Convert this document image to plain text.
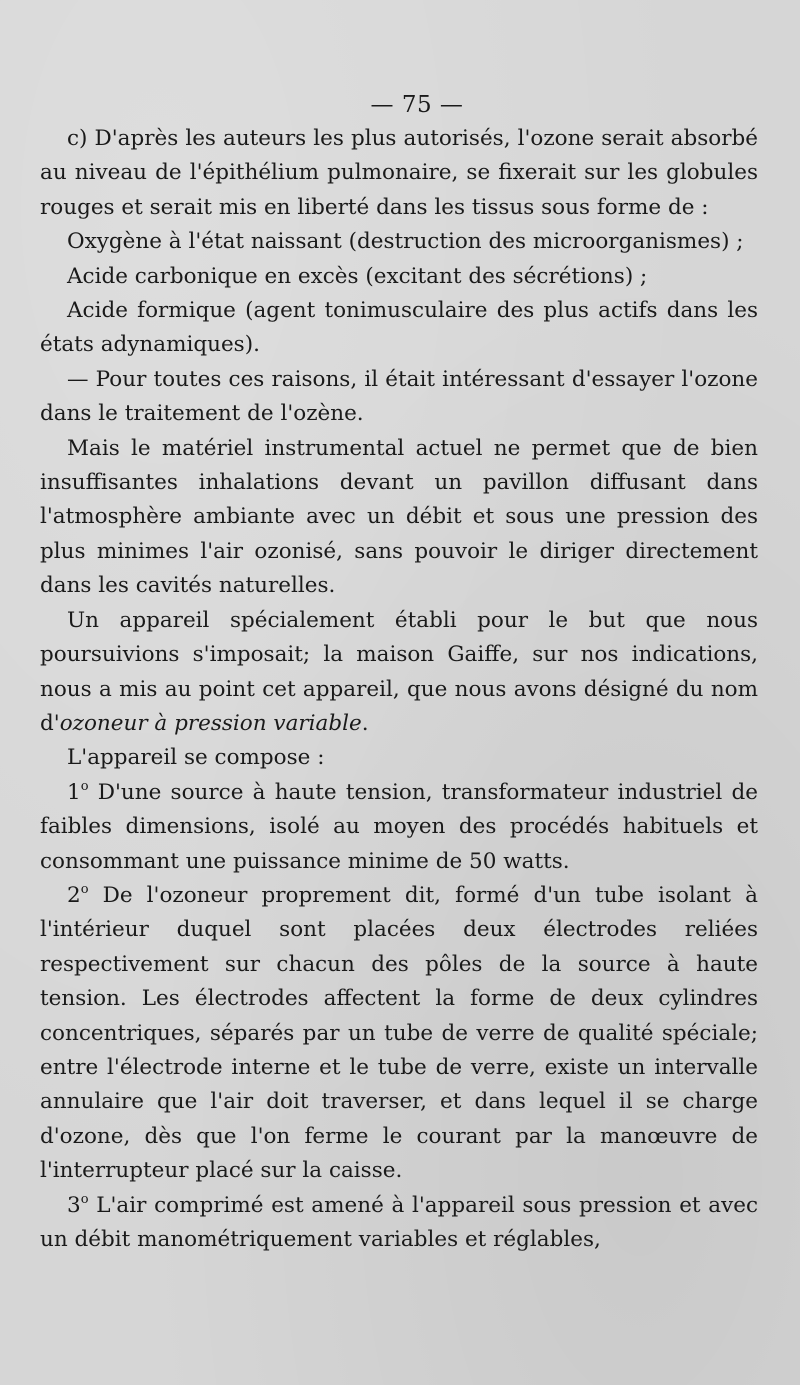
— 75 —

c) D'après les auteurs les plus autorisés, l'ozone serait absorbé au niveau de l'épithélium pulmonaire, se fixerait sur les globules rouges et serait mis en liberté dans les tissus sous forme de :

Oxygène à l'état naissant (destruction des microorganismes) ;

Acide carbonique en excès (excitant des sécrétions) ;

Acide formique (agent tonimusculaire des plus actifs dans les états adynamiques).

— Pour toutes ces raisons, il était intéressant d'essayer l'ozone dans le traitement de l'ozène.

Mais le matériel instrumental actuel ne permet que de bien insuffisantes inhalations devant un pavillon diffusant dans l'atmosphère ambiante avec un débit et sous une pression des plus minimes l'air ozonisé, sans pouvoir le diriger directement dans les cavités naturelles.

Un appareil spécialement établi pour le but que nous poursuivions s'imposait; la maison Gaiffe, sur nos indications, nous a mis au point cet appareil, que nous avons désigné du nom d'ozoneur à pression variable.

L'appareil se compose :

1$^o$ D'une source à haute tension, transformateur industriel de faibles dimensions, isolé au moyen des procédés habituels et consommant une puissance minime de 50 watts.

2$^o$ De l'ozoneur proprement dit, formé d'un tube isolant à l'intérieur duquel sont placées deux électrodes reliées respectivement sur chacun des pôles de la source à haute tension. Les électrodes affectent la forme de deux cylindres concentriques, séparés par un tube de verre de qualité spéciale; entre l'électrode interne et le tube de verre, existe un intervalle annulaire que l'air doit traverser, et dans lequel il se charge d'ozone, dès que l'on ferme le courant par la manœuvre de l'interrupteur placé sur la caisse.

3$^o$ L'air comprimé est amené à l'appareil sous pression et avec un débit manométriquement variables et réglables,
